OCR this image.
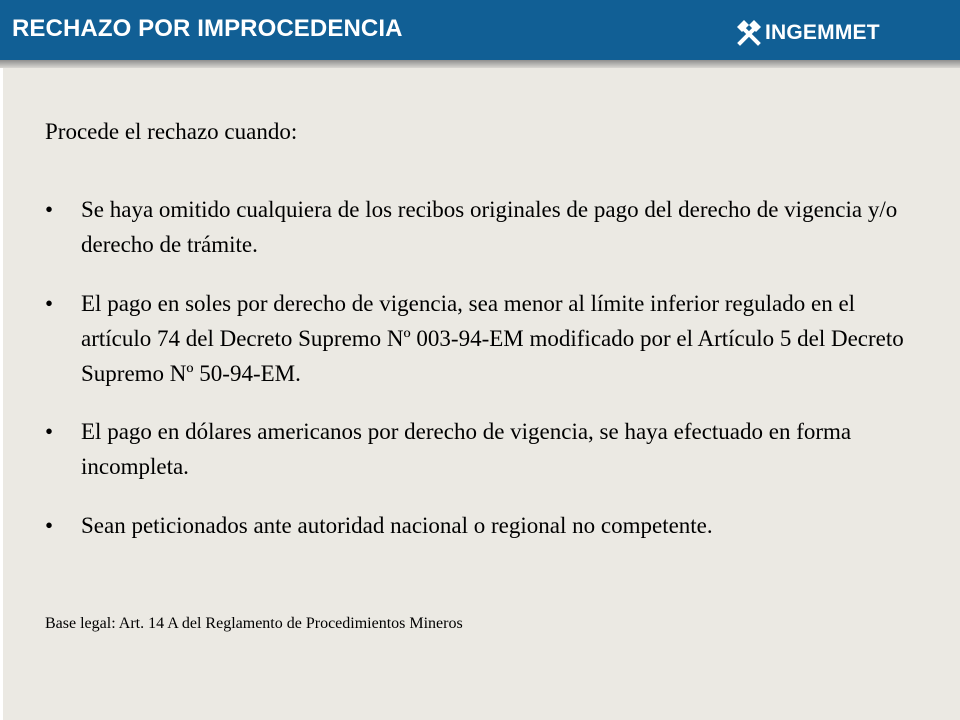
RECHAZO POR IMPROCEDENCIA	INGEMMET

Procede el rechazo cuando:

•	Se haya omitido cualquiera de los recibos originales de pago del derecho de vigencia y/o derecho de trámite.
•	El pago en soles por derecho de vigencia, sea menor al límite inferior regulado en el artículo 74 del Decreto Supremo Nº 003-94-EM modificado por el Artículo 5 del Decreto Supremo Nº 50-94-EM.
•	El pago en dólares americanos por derecho de vigencia, se haya efectuado en forma incompleta.
•	Sean peticionados ante autoridad nacional o regional no competente.

Base legal: Art. 14 A del Reglamento de Procedimientos Mineros
